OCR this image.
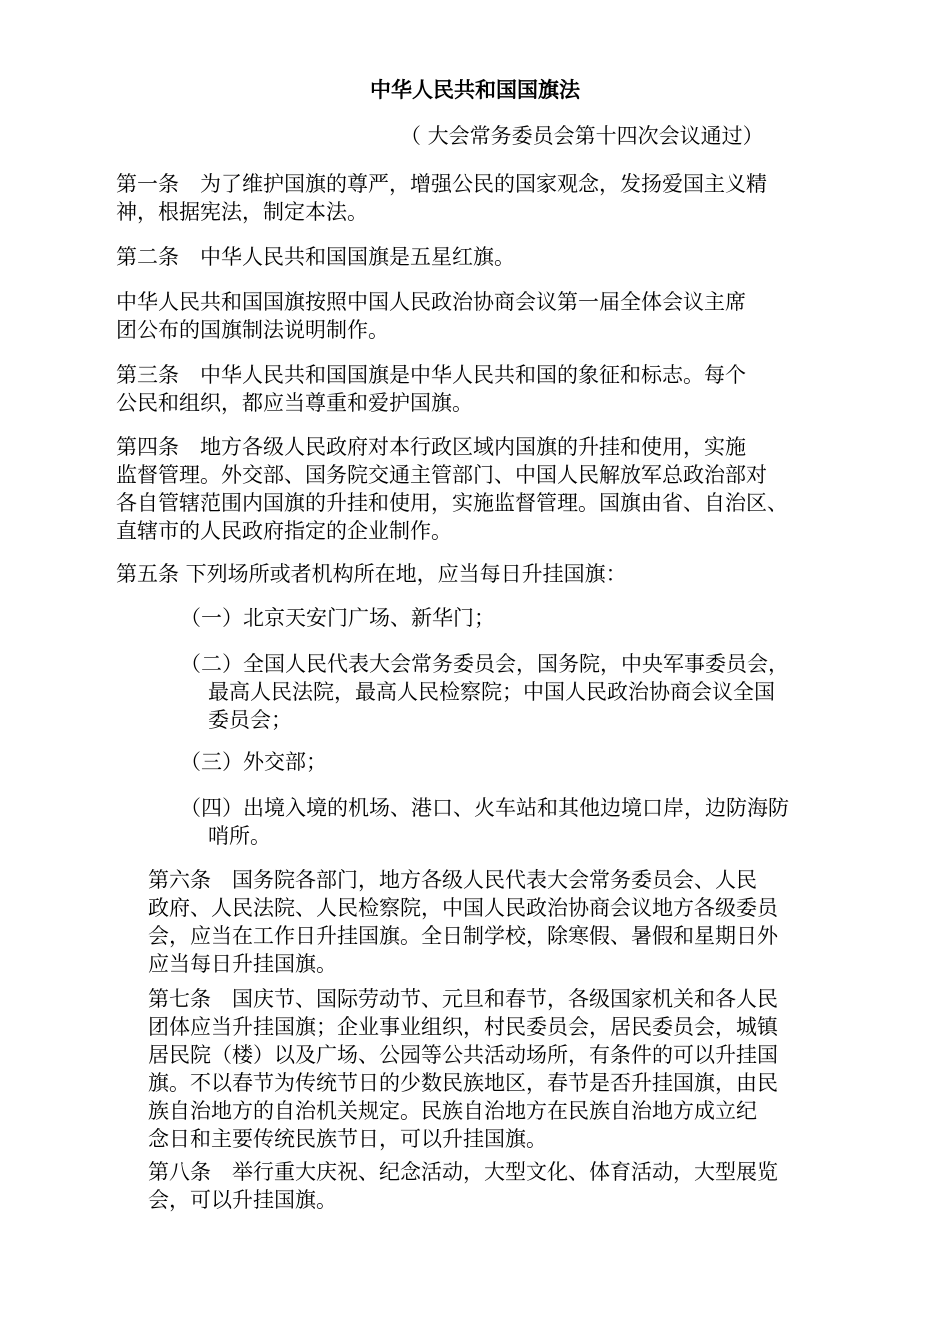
中华人民共和国国旗法
（ 大会常务委员会第十四次会议通过）
第一条　为了维护国旗的尊严，增强公民的国家观念，发扬爱国主义精
神，根据宪法，制定本法。
第二条　中华人民共和国国旗是五星红旗。
中华人民共和国国旗按照中国人民政治协商会议第一届全体会议主席
团公布的国旗制法说明制作。
第三条　中华人民共和国国旗是中华人民共和国的象征和标志。每个
公民和组织，都应当尊重和爱护国旗。
第四条　地方各级人民政府对本行政区域内国旗的升挂和使用，实施
监督管理。外交部、国务院交通主管部门、中国人民解放军总政治部对
各自管辖范围内国旗的升挂和使用，实施监督管理。国旗由省、自治区、
直辖市的人民政府指定的企业制作。
第五条 下列场所或者机构所在地，应当每日升挂国旗：
（一）北京天安门广场、新华门；
（二）全国人民代表大会常务委员会，国务院，中央军事委员会，
最高人民法院，最高人民检察院；中国人民政治协商会议全国
委员会；
（三）外交部；
（四）出境入境的机场、港口、火车站和其他边境口岸，边防海防
哨所。
第六条　国务院各部门，地方各级人民代表大会常务委员会、人民
政府、人民法院、人民检察院，中国人民政治协商会议地方各级委员
会，应当在工作日升挂国旗。全日制学校，除寒假、暑假和星期日外
应当每日升挂国旗。
第七条　国庆节、国际劳动节、元旦和春节，各级国家机关和各人民
团体应当升挂国旗；企业事业组织，村民委员会，居民委员会，城镇
居民院（楼）以及广场、公园等公共活动场所，有条件的可以升挂国
旗。不以春节为传统节日的少数民族地区，春节是否升挂国旗，由民
族自治地方的自治机关规定。民族自治地方在民族自治地方成立纪
念日和主要传统民族节日，可以升挂国旗。
第八条　举行重大庆祝、纪念活动，大型文化、体育活动，大型展览
会，可以升挂国旗。
